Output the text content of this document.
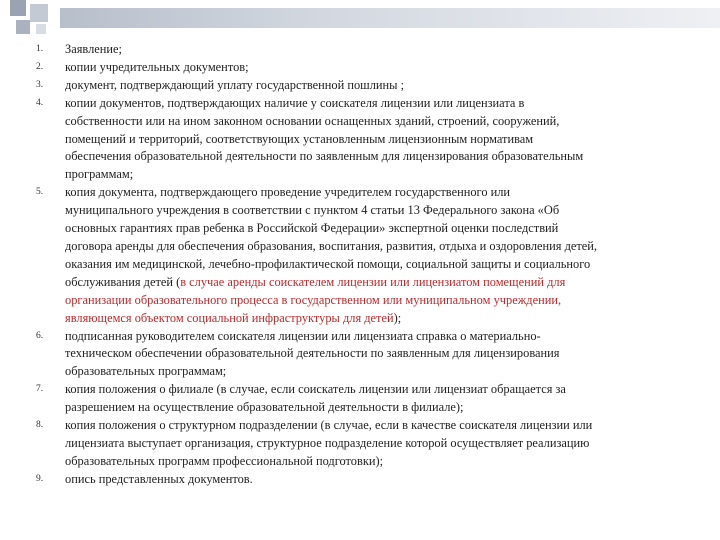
1. Заявление;
2. копии учредительных документов;
3. документ, подтверждающий уплату государственной пошлины ;
4. копии документов, подтверждающих наличие у соискателя лицензии или лицензиата в
собственности или на ином законном основании оснащенных зданий, строений, сооружений,
помещений и территорий, соответствующих установленным лицензионным нормативам
обеспечения образовательной деятельности по заявленным для лицензирования образовательным
программам;
5. копия документа, подтверждающего проведение учредителем государственного или
муниципального учреждения в соответствии с пунктом 4 статьи 13 Федерального закона «Об
основных гарантиях прав ребенка в Российской Федерации» экспертной оценки последствий
договора аренды для обеспечения образования, воспитания, развития, отдыха и оздоровления детей,
оказания им медицинской, лечебно-профилактической помощи, социальной защиты и социального
обслуживания детей (в случае аренды соискателем лицензии или лицензиатом помещений для
организации образовательного процесса в государственном или муниципальном учреждении,
являющемся объектом социальной инфраструктуры для детей);
6. подписанная руководителем соискателя лицензии или лицензиата справка о материально-
техническом обеспечении образовательной деятельности по заявленным для лицензирования
образовательных программам;
7. копия положения о филиале (в случае, если соискатель лицензии или лицензиат обращается за
разрешением на осуществление образовательной деятельности в филиале);
8. копия положения о структурном подразделении (в случае, если в качестве соискателя лицензии или
лицензиата выступает организация, структурное подразделение которой осуществляет реализацию
образовательных программ профессиональной подготовки);
9. опись представленных документов.
